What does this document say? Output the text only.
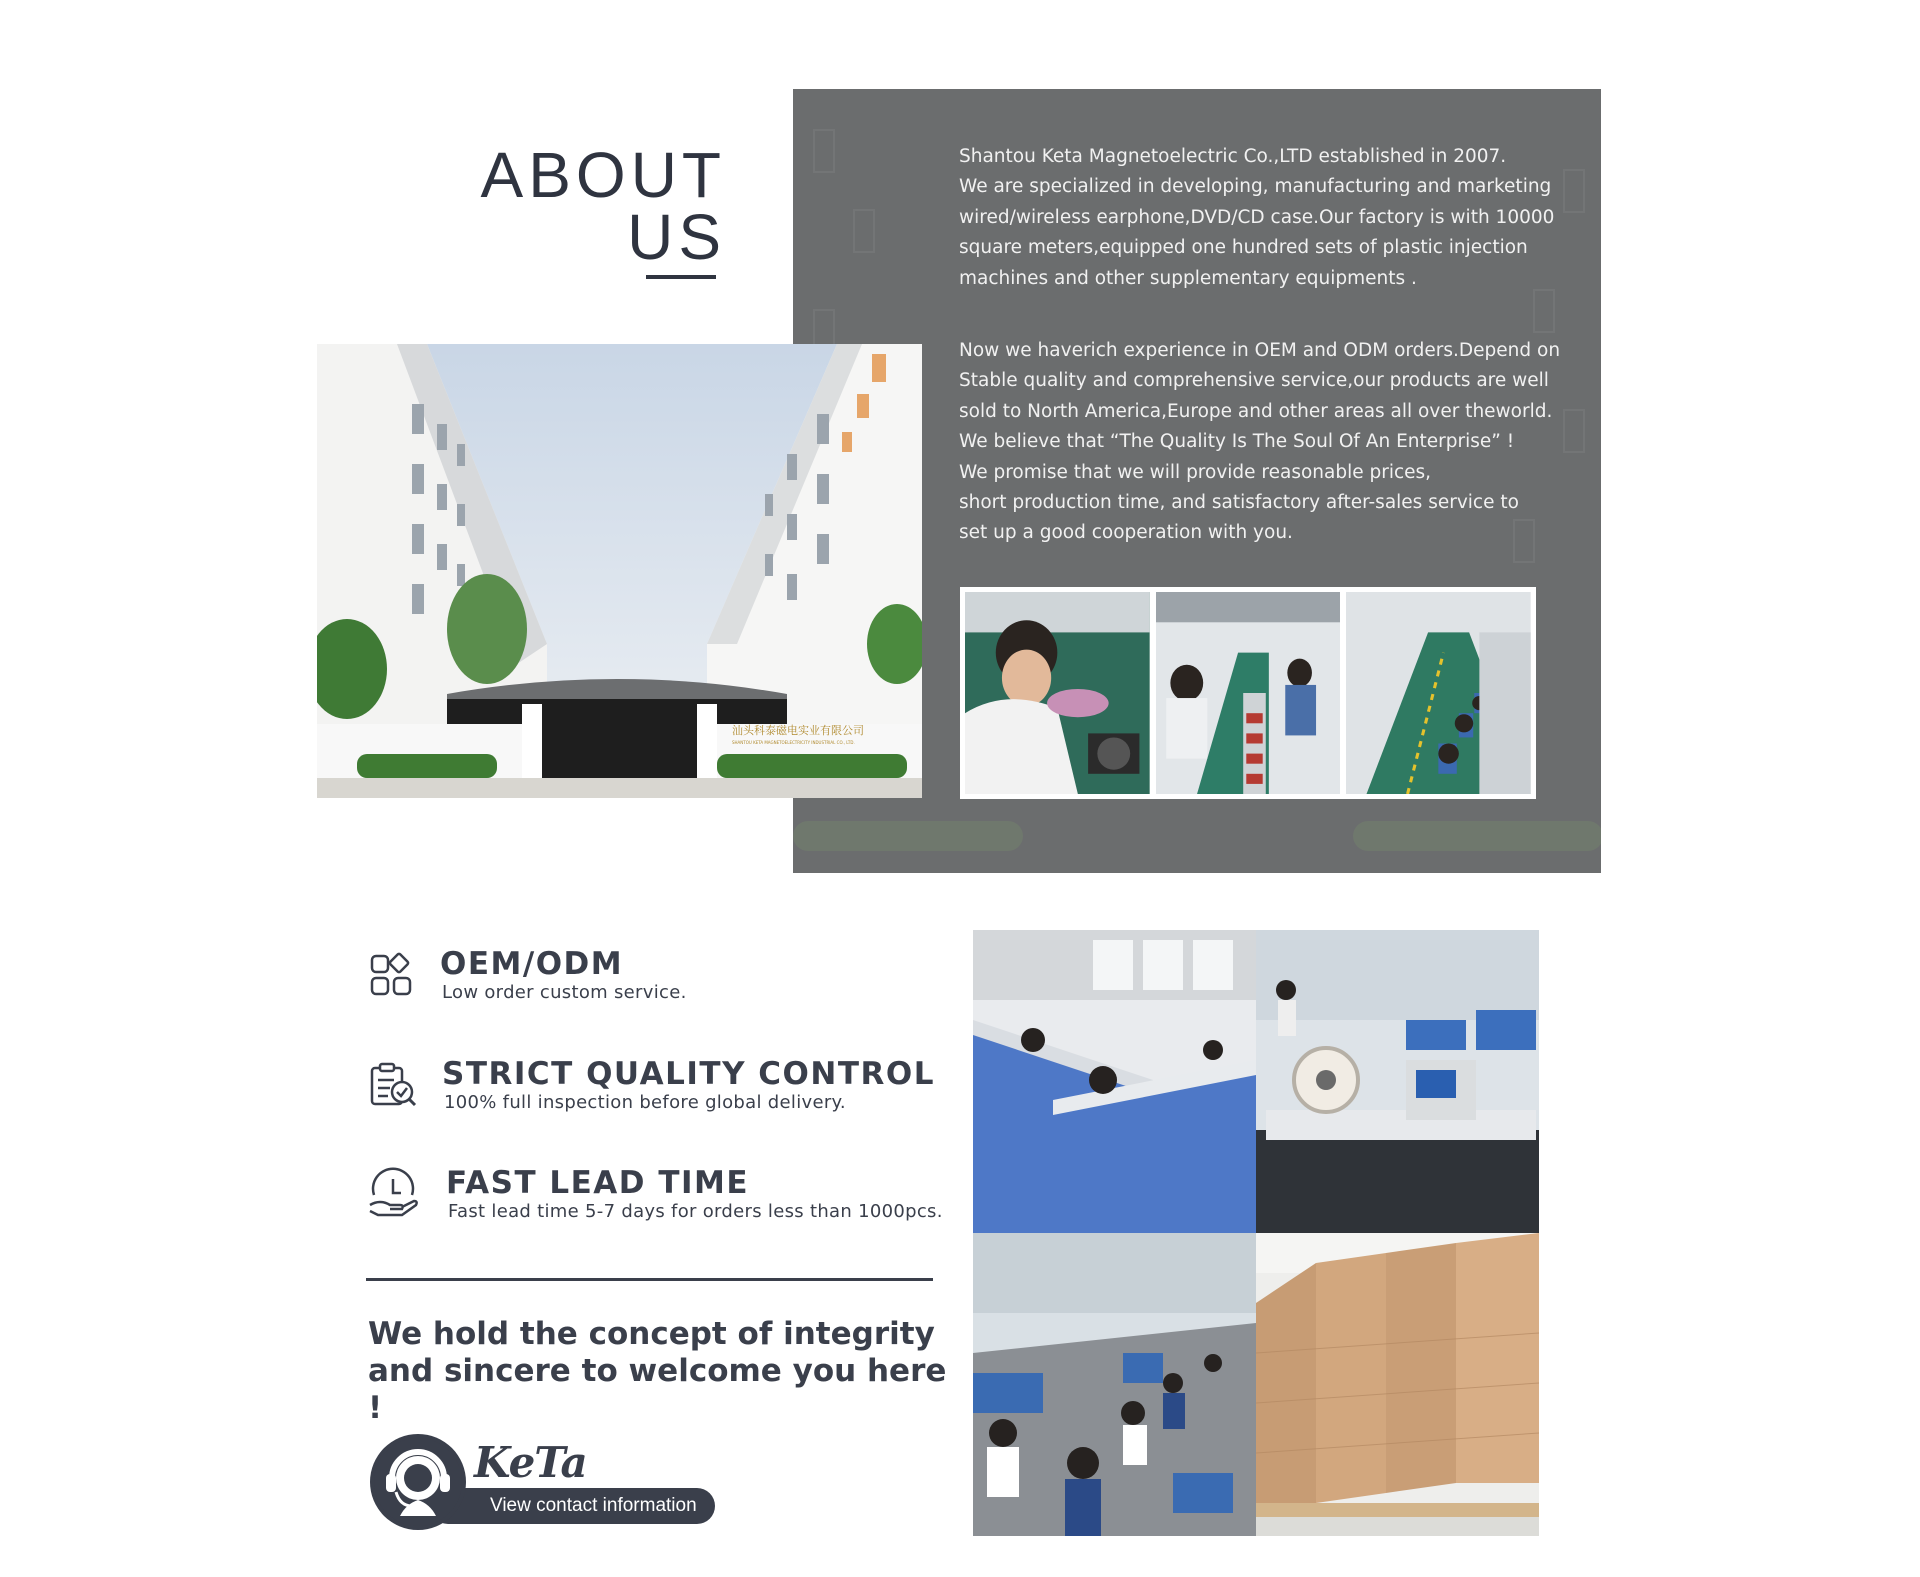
ABOUT
US

Shantou Keta Magnetoelectric Co.,LTD established in 2007.
We are specialized in developing, manufacturing and marketing
wired/wireless earphone,DVD/CD case.Our factory is with 10000
square meters,equipped one hundred sets of plastic injection
machines and other supplementary equipments .

Now we haverich experience in OEM and ODM orders.Depend on
Stable quality and comprehensive service,our products are well
sold to North America,Europe and other areas all over theworld.
We believe that “The Quality Is The Soul Of An Enterprise” !
We promise that we will provide reasonable prices,
short production time, and satisfactory after-sales service to
set up a good cooperation with you.

汕头科泰磁电实业有限公司
SHANTOU KETA MAGNETOELECTRICITY INDUSTRIAL CO., LTD.
OEM/ODM
Low order custom service.
STRICT QUALITY CONTROL
100% full inspection before global delivery.
FAST LEAD TIME
Fast lead time 5-7 days for orders less than 1000pcs.

We hold the concept of integrity
and sincere to welcome you here !

View contact information
KeTa
